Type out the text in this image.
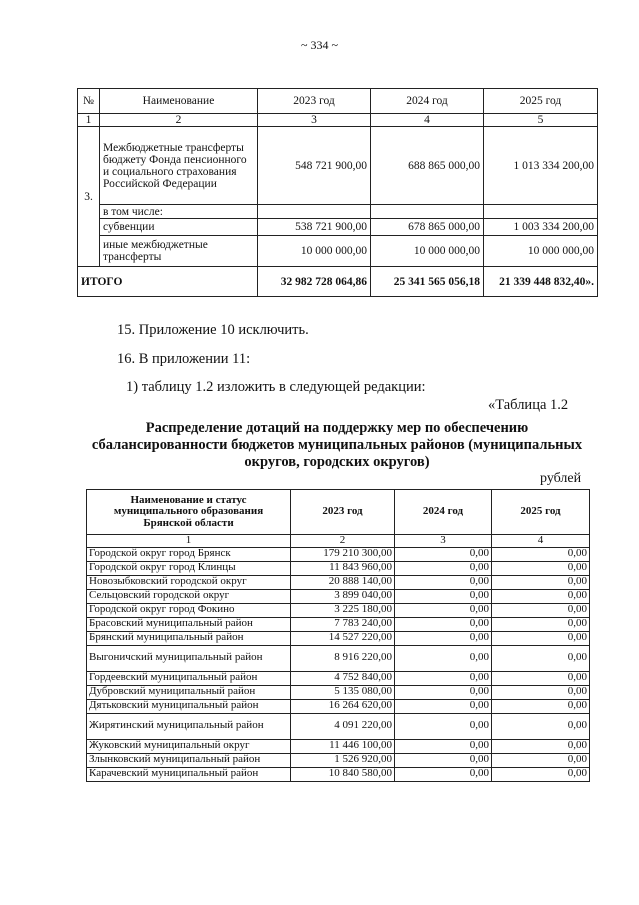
~ 334 ~
№	Наименование	2023 год	2024 год	2025 год
1	2	3	4	5
3.	Межбюджетные трансферты бюджету Фонда пенсионного и социального страхования Российской Федерации	548 721 900,00	688 865 000,00	1 013 334 200,00
	в том числе:			
	субвенции	538 721 900,00	678 865 000,00	1 003 334 200,00
	иные межбюджетные трансферты	10 000 000,00	10 000 000,00	10 000 000,00
ИТОГО		32 982 728 064,86	25 341 565 056,18	21 339 448 832,40».
15. Приложение 10 исключить.
16. В приложении 11:
1) таблицу 1.2 изложить в следующей редакции:
«Таблица 1.2
Распределение дотаций на поддержку мер по обеспечению сбалансированности бюджетов муниципальных районов (муниципальных округов, городских округов)
рублей
Наименование и статус муниципального образования Брянской области	2023 год	2024 год	2025 год
1	2	3	4
Городской округ город Брянск	179 210 300,00	0,00	0,00
Городской округ город Клинцы	11 843 960,00	0,00	0,00
Новозыбковский городской округ	20 888 140,00	0,00	0,00
Сельцовский городской округ	3 899 040,00	0,00	0,00
Городской округ город Фокино	3 225 180,00	0,00	0,00
Брасовский муниципальный район	7 783 240,00	0,00	0,00
Брянский муниципальный район	14 527 220,00	0,00	0,00
Выгоничский муниципальный район	8 916 220,00	0,00	0,00
Гордеевский муниципальный район	4 752 840,00	0,00	0,00
Дубровский муниципальный район	5 135 080,00	0,00	0,00
Дятьковский муниципальный район	16 264 620,00	0,00	0,00
Жирятинский муниципальный район	4 091 220,00	0,00	0,00
Жуковский муниципальный округ	11 446 100,00	0,00	0,00
Злынковский муниципальный район	1 526 920,00	0,00	0,00
Карачевский муниципальный район	10 840 580,00	0,00	0,00
